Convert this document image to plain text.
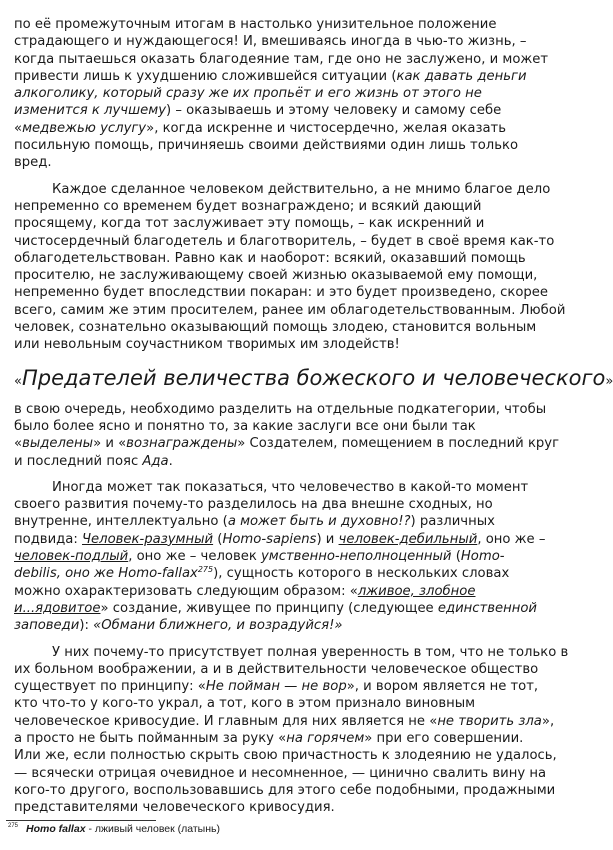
по её промежуточным итогам в настолько унизительное положение
страдающего и нуждающегося! И, вмешиваясь иногда в чью-то жизнь, –
когда пытаешься оказать благодеяние там, где оно не заслужено, и может
привести лишь к ухудшению сложившейся ситуации (как давать деньги
алкоголику, который сразу же их пропьёт и его жизнь от этого не
изменится к лучшему) – оказываешь и этому человеку и самому себе
«медвежью услугу», когда искренне и чистосердечно, желая оказать
посильную помощь, причиняешь своими действиями один лишь только
вред.
Каждое сделанное человеком действительно, а не мнимо благое дело
непременно со временем будет вознаграждено; и всякий дающий
просящему, когда тот заслуживает эту помощь, – как искренний и
чистосердечный благодетель и благотворитель, – будет в своё время как-то
облагодетельствован. Равно как и наоборот: всякий, оказавший помощь
просителю, не заслуживающему своей жизнью оказываемой ему помощи,
непременно будет впоследствии покаран: и это будет произведено, скорее
всего, самим же этим просителем, ранее им облагодетельствованным. Любой
человек, сознательно оказывающий помощь злодею, становится вольным
или невольным соучастником творимых им злодейств!
«Предателей величества божеского и человеческого»
в свою очередь, необходимо разделить на отдельные подкатегории, чтобы
было более ясно и понятно то, за какие заслуги все они были так
«выделены» и «вознаграждены» Создателем, помещением в последний круг
и последний пояс Ада.
Иногда может так показаться, что человечество в какой-то момент
своего развития почему-то разделилось на два внешне сходных, но
внутренне, интеллектуально (а может быть и духовно!?) различных
подвида: Человек-разумный (Homo-sapiens) и человек-дебильный, оно же –
человек-подлый, оно же – человек умственно-неполноценный (Homo-
debilis, оно же Homo-fallax$^{275}$), сущность которого в нескольких словах
можно охарактеризовать следующим образом: «лживое, злобное
и...ядовитое» создание, живущее по принципу (следующее единственной
заповеди): «Обмани ближнего, и возрадуйся!»
У них почему-то присутствует полная уверенность в том, что не только в
их больном воображении, а и в действительности человеческое общество
существует по принципу: «Не пойман — не вор», и вором является не тот,
кто что-то у кого-то украл, а тот, кого в этом признало виновным
человеческое кривосудие. И главным для них является не «не творить зла»,
а просто не быть пойманным за руку «на горячем» при его совершении.
Или же, если полностью скрыть свою причастность к злодеянию не удалось,
— всячески отрицая очевидное и несомненное, — цинично свалить вину на
кого-то другого, воспользовавшись для этого себе подобными, продажными
представителями человеческого кривосудия.
$^{275}$ Homo fallax - лживый человек (латынь)
